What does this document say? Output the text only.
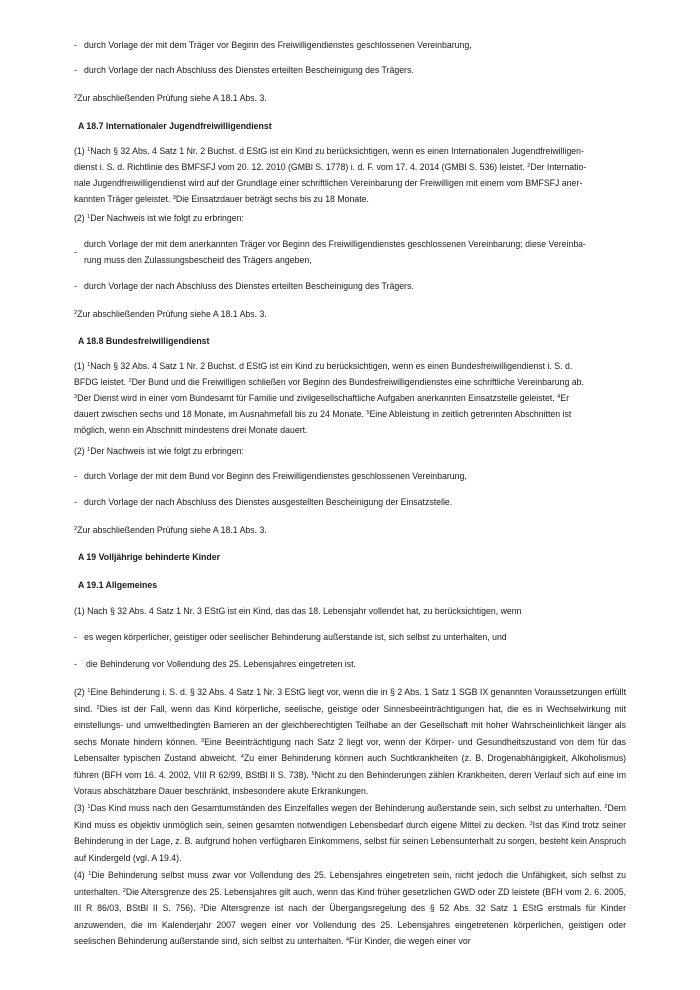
- durch Vorlage der mit dem Träger vor Beginn des Freiwilligendienstes geschlossenen Vereinbarung,
- durch Vorlage der nach Abschluss des Dienstes erteilten Bescheinigung des Trägers.
$^2$Zur abschließenden Prüfung siehe A 18.1 Abs. 3.
A 18.7 Internationaler Jugendfreiwilligendienst
(1) $^1$Nach § 32 Abs. 4 Satz 1 Nr. 2 Buchst. d EStG ist ein Kind zu berücksichtigen, wenn es einen Internationalen Jugendfreiwilligen-
dienst i. S. d. Richtlinie des BMFSFJ vom 20. 12. 2010 (GMBl S. 1778) i. d. F. vom 17. 4. 2014 (GMBl S. 536) leistet. $^2$Der Internatio-
nale Jugendfreiwilligendienst wird auf der Grundlage einer schriftlichen Vereinbarung der Freiwilligen mit einem vom BMFSFJ aner-
kannten Träger geleistet. $^3$Die Einsatzdauer beträgt sechs bis zu 18 Monate.
(2) $^1$Der Nachweis ist wie folgt zu erbringen:
durch Vorlage der mit dem anerkannten Träger vor Beginn des Freiwilligendienstes geschlossenen Vereinbarung; diese Vereinba-
-
rung muss den Zulassungsbescheid des Trägers angeben,
- durch Vorlage der nach Abschluss des Dienstes erteilten Bescheinigung des Trägers.
$^2$Zur abschließenden Prüfung siehe A 18.1 Abs. 3.
A 18.8 Bundesfreiwilligendienst
(1) $^1$Nach § 32 Abs. 4 Satz 1 Nr. 2 Buchst. d EStG ist ein Kind zu berücksichtigen, wenn es einen Bundesfreiwilligendienst i. S. d.
BFDG leistet. $^2$Der Bund und die Freiwilligen schließen vor Beginn des Bundesfreiwilligendienstes eine schriftliche Vereinbarung ab.
$^3$Der Dienst wird in einer vom Bundesamt für Familie und zivilgesellschaftliche Aufgaben anerkannten Einsatzstelle geleistet. $^4$Er
dauert zwischen sechs und 18 Monate, im Ausnahmefall bis zu 24 Monate. $^5$Eine Ableistung in zeitlich getrennten Abschnitten ist
möglich, wenn ein Abschnitt mindestens drei Monate dauert.
(2) $^1$Der Nachweis ist wie folgt zu erbringen:
- durch Vorlage der mit dem Bund vor Beginn des Freiwilligendienstes geschlossenen Vereinbarung,
- durch Vorlage der nach Abschluss des Dienstes ausgestellten Bescheinigung der Einsatzstelle.
$^2$Zur abschließenden Prüfung siehe A 18.1 Abs. 3.
A 19 Volljährige behinderte Kinder
A 19.1 Allgemeines
(1) Nach § 32 Abs. 4 Satz 1 Nr. 3 EStG ist ein Kind, das das 18. Lebensjahr vollendet hat, zu berücksichtigen, wenn
- es wegen körperlicher, geistiger oder seelischer Behinderung außerstande ist, sich selbst zu unterhalten, und
- die Behinderung vor Vollendung des 25. Lebensjahres eingetreten ist.

(2) $^1$Eine Behinderung i. S. d. § 32 Abs. 4 Satz 1 Nr. 3 EStG liegt vor, wenn die in § 2 Abs. 1 Satz 1 SGB IX genannten Voraussetzungen erfüllt sind. $^2$Dies ist der Fall, wenn das Kind körperliche, seelische, geistige oder Sinnesbeeinträchtigungen hat, die es in Wechselwirkung mit einstellungs- und umweltbedingten Barrieren an der gleichberechtigten Teilhabe an der Gesellschaft mit hoher Wahrscheinlichkeit länger als sechs Monate hindern können. $^3$Eine Beeinträchtigung nach Satz 2 liegt vor, wenn der Körper- und Gesundheitszustand von dem für das Lebensalter typischen Zustand abweicht. $^4$Zu einer Behinderung können auch Suchtkrankheiten (z. B. Drogenabhängigkeit, Alkoholismus) führen (BFH vom 16. 4. 2002, VIII R 62/99, BStBl II S. 738). $^5$Nicht zu den Behinderungen zählen Krankheiten, deren Verlauf sich auf eine im Voraus abschätzbare Dauer beschränkt, insbesondere akute Erkrankungen.

(3) $^1$Das Kind muss nach den Gesamtumständen des Einzelfalles wegen der Behinderung außerstande sein, sich selbst zu unterhalten. $^2$Dem Kind muss es objektiv unmöglich sein, seinen gesamten notwendigen Lebensbedarf durch eigene Mittel zu decken. $^3$Ist das Kind trotz seiner Behinderung in der Lage, z. B. aufgrund hohen verfügbaren Einkommens, selbst für seinen Lebensunterhalt zu sorgen, besteht kein Anspruch auf Kindergeld (vgl. A 19.4).

(4) $^1$Die Behinderung selbst muss zwar vor Vollendung des 25. Lebensjahres eingetreten sein, nicht jedoch die Unfähigkeit, sich selbst zu unterhalten. $^2$Die Altersgrenze des 25. Lebensjahres gilt auch, wenn das Kind früher gesetzlichen GWD oder ZD leistete (BFH vom 2. 6. 2005, III R 86/03, BStBl II S. 756). $^3$Die Altersgrenze ist nach der Übergangsregelung des § 52 Abs. 32 Satz 1 EStG erstmals für Kinder anzuwenden, die im Kalenderjahr 2007 wegen einer vor Vollendung des 25. Lebensjahres eingetretenen körperlichen, geistigen oder seelischen Behinderung außerstande sind, sich selbst zu unterhalten. $^4$Für Kinder, die wegen einer vor
